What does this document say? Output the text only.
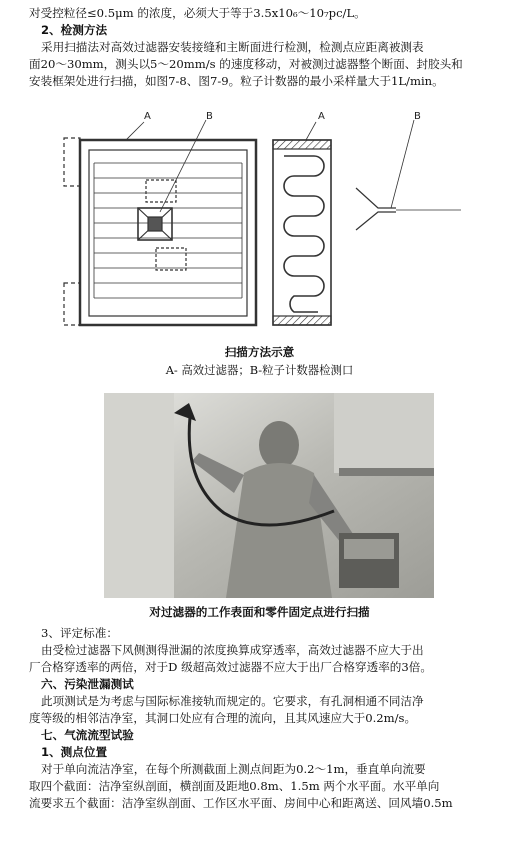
对受控粒径≤0.5μm 的浓度，必须大于等于3.5x10₆～10₇pc/L。
2、检测方法
采用扫描法对高效过滤器安装接缝和主断面进行检测，检测点应距离被测表
面20～30mm，测头以5～20mm/s 的速度移动，对被测过滤器整个断面、封胶头和
安装框架处进行扫描，如图7-8、图7-9。粒子计数器的最小采样量大于1L/min。
A	B	A	B
扫描方法示意
A- 高效过滤器；B-粒子计数器检测口
对过滤器的工作表面和零件固定点进行扫描
3、评定标准：
由受检过滤器下风侧测得泄漏的浓度换算成穿透率，高效过滤器不应大于出
厂合格穿透率的两倍，对于D 级超高效过滤器不应大于出厂合格穿透率的3倍。
六、污染泄漏测试
此项测试是为考虑与国际标准接轨而规定的。它要求，有孔洞相通不同洁净
度等级的相邻洁净室，其洞口处应有合理的流向，且其风速应大于0.2m/s。
七、气流流型试验
1、测点位置
对于单向流洁净室，在每个所测截面上测点间距为0.2～1m，垂直单向流要
取四个截面：洁净室纵剖面，横剖面及距地0.8m、1.5m 两个水平面。水平单向
流要求五个截面：洁净室纵剖面、工作区水平面、房间中心和距离送、回风墙0.5m
